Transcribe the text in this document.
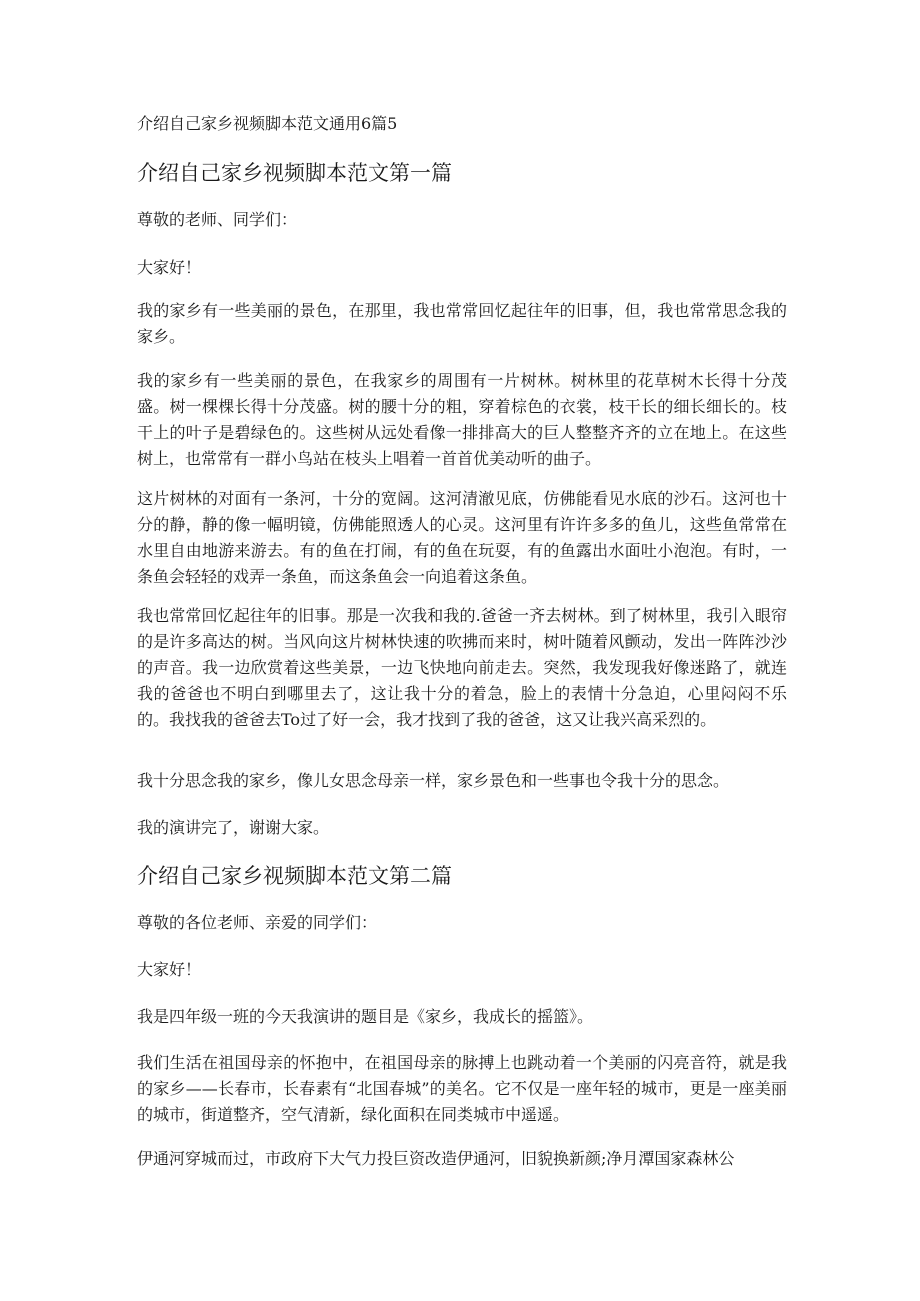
介绍自己家乡视频脚本范文通用6篇5
介绍自己家乡视频脚本范文第一篇

尊敬的老师、同学们：

大家好！

我的家乡有一些美丽的景色，在那里，我也常常回忆起往年的旧事，但，我也常常思念我的家乡。

我的家乡有一些美丽的景色，在我家乡的周围有一片树林。树林里的花草树木长得十分茂盛。树一棵棵长得十分茂盛。树的腰十分的粗，穿着棕色的衣裳，枝干长的细长细长的。枝干上的叶子是碧绿色的。这些树从远处看像一排排高大的巨人整整齐齐的立在地上。在这些树上，也常常有一群小鸟站在枝头上唱着一首首优美动听的曲子。

这片树林的对面有一条河，十分的宽阔。这河清澈见底，仿佛能看见水底的沙石。这河也十分的静，静的像一幅明镜，仿佛能照透人的心灵。这河里有许许多多的鱼儿，这些鱼常常在水里自由地游来游去。有的鱼在打闹，有的鱼在玩耍，有的鱼露出水面吐小泡泡。有时，一条鱼会轻轻的戏弄一条鱼，而这条鱼会一向追着这条鱼。

我也常常回忆起往年的旧事。那是一次我和我的.爸爸一齐去树林。到了树林里，我引入眼帘的是许多高达的树。当风向这片树林快速的吹拂而来时，树叶随着风颤动，发出一阵阵沙沙的声音。我一边欣赏着这些美景，一边飞快地向前走去。突然，我发现我好像迷路了，就连我的爸爸也不明白到哪里去了，这让我十分的着急，脸上的表情十分急迫，心里闷闷不乐的。我找我的爸爸去To过了好一会，我才找到了我的爸爸，这又让我兴高采烈的。

我十分思念我的家乡，像儿女思念母亲一样，家乡景色和一些事也令我十分的思念。

我的演讲完了，谢谢大家。

介绍自己家乡视频脚本范文第二篇

尊敬的各位老师、亲爱的同学们：

大家好！

我是四年级一班的今天我演讲的题目是《家乡，我成长的摇篮》。

我们生活在祖国母亲的怀抱中，在祖国母亲的脉搏上也跳动着一个美丽的闪亮音符，就是我的家乡——长春市，长春素有“北国春城”的美名。它不仅是一座年轻的城市，更是一座美丽的城市，街道整齐，空气清新，绿化面积在同类城市中遥遥。

伊通河穿城而过，市政府下大气力投巨资改造伊通河，旧貌换新颜;净月潭国家森林公
